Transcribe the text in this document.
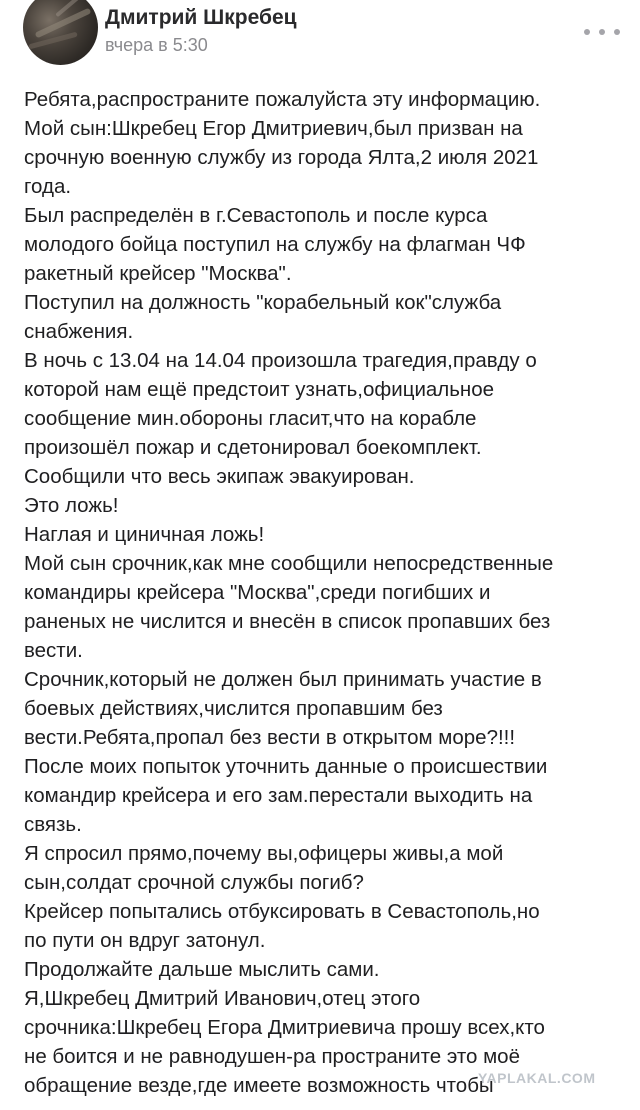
Дмитрий Шкребец
вчера в 5:30
Ребята,распространите пожалуйста эту информацию.
Мой сын:Шкребец Егор Дмитриевич,был призван на
срочную военную службу из города Ялта,2 июля 2021
года.
Был распределён в г.Севастополь и после курса
молодого бойца поступил на службу на флагман ЧФ
ракетный крейсер "Москва".
Поступил на должность "корабельный кок"служба
снабжения.
В ночь с 13.04 на 14.04 произошла трагедия,правду о
которой нам ещё предстоит узнать,официальное
сообщение мин.обороны гласит,что на корабле
произошёл пожар и сдетонировал боекомплект.
Сообщили что весь экипаж эвакуирован.
Это ложь!
Наглая и циничная ложь!
Мой сын срочник,как мне сообщили непосредственные
командиры крейсера "Москва",среди погибших и
раненых не числится и внесён в список пропавших без
вести.
Срочник,который не должен был принимать участие в
боевых действиях,числится пропавшим без
вести.Ребята,пропал без вести в открытом море?!!!
После моих попыток уточнить данные о происшествии
командир крейсера и его зам.перестали выходить на
связь.
Я спросил прямо,почему вы,офицеры живы,а мой
сын,солдат срочной службы погиб?
Крейсер попытались отбуксировать в Севастополь,но
по пути он вдруг затонул.
Продолжайте дальше мыслить сами.
Я,Шкребец Дмитрий Иванович,отец этого
срочника:Шкребец Егора Дмитриевича прошу всех,кто
не боится и не равнодушен-ра пространите это моё
обращение везде,где имеете возможность чтобы
YAPLAKAL.COM
